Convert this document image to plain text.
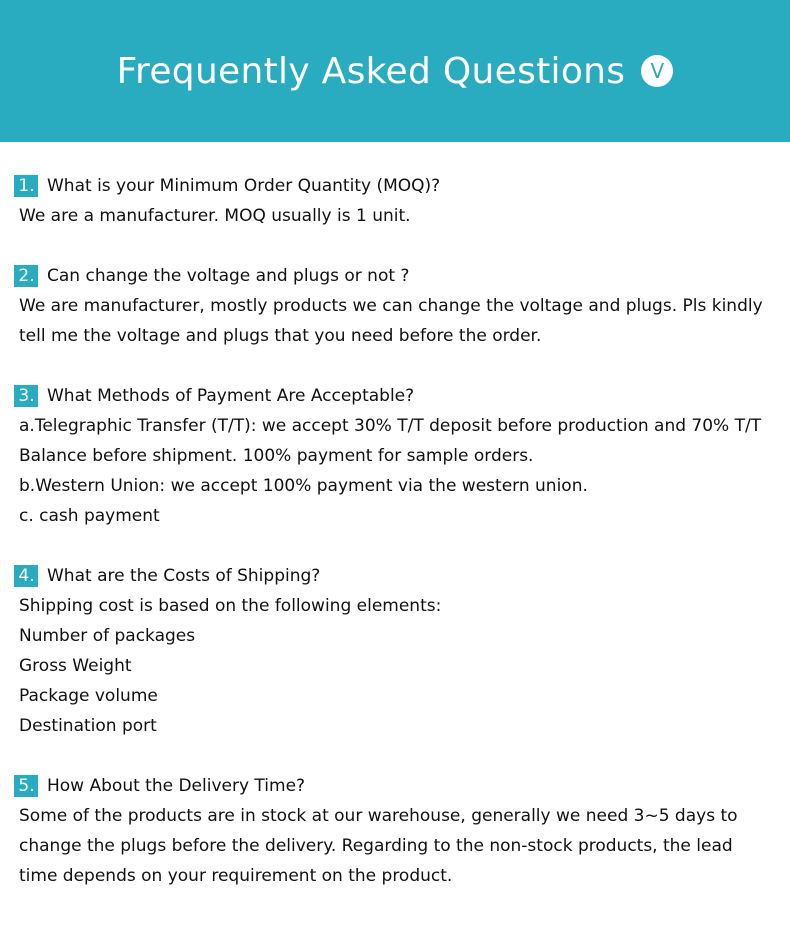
Frequently Asked Questions	V
1. What is your Minimum Order Quantity (MOQ)?
We are a manufacturer. MOQ usually is 1 unit.
2. Can change the voltage and plugs or not ?
We are manufacturer, mostly products we can change the voltage and plugs. Pls kindly
tell me the voltage and plugs that you need before the order.
3. What Methods of Payment Are Acceptable?
a.Telegraphic Transfer (T/T): we accept 30% T/T deposit before production and 70% T/T
Balance before shipment. 100% payment for sample orders.
b.Western Union: we accept 100% payment via the western union.
c. cash payment
4. What are the Costs of Shipping?
Shipping cost is based on the following elements:
Number of packages
Gross Weight
Package volume
Destination port
5. How About the Delivery Time?
Some of the products are in stock at our warehouse, generally we need 3~5 days to
change the plugs before the delivery. Regarding to the non-stock products, the lead
time depends on your requirement on the product.
